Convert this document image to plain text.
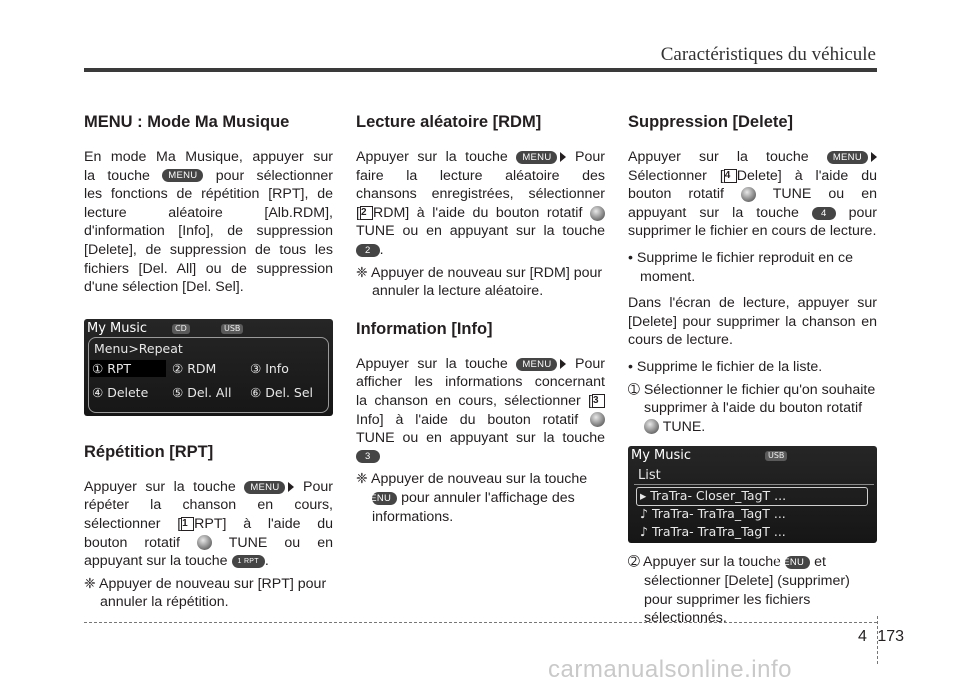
Caractéristiques du véhicule
MENU : Mode Ma Musique

En mode Ma Musique, appuyer sur

la touche MENU pour sélectionner

les fonctions de répétition [RPT], de lecture aléatoire [Alb.RDM], d'information [Info], de suppression [Delete], de suppression de tous les fichiers [Del. All] ou de suppression d'une sélection [Del. Sel].

My Music	CD	USB
Menu>Repeat
① RPT	② RDM	③ Info
④ Delete ⑤ Del. All ⑥ Del. Sel
Répétition [RPT]

Appuyer sur la touche MENU Pour

répéter la chanson en cours,

sélectionner [1 RPT] à l'aide du

bouton rotatif	TUNE ou en

appuyant sur la touche 1 RPT .

❈ Appuyer de nouveau sur [RPT] pour annuler la répétition.

Lecture aléatoire [RDM]

Appuyer sur la touche MENU Pour

faire la lecture aléatoire des

chansons enregistrées, sélectionner

[2 RDM] à l'aide du bouton rotatif

TUNE ou en appuyant sur la touche

2 .

❈ Appuyer de nouveau sur [RDM] pour annuler la lecture aléatoire.

Information [Info]

Appuyer sur la touche MENU Pour

afficher les informations concernant

la chanson en cours, sélectionner [3

Info] à l'aide du bouton rotatif

TUNE ou en appuyant sur la touche

3

❈ Appuyer de nouveau sur la touche MENU pour annuler l'affichage des informations.

Suppression [Delete]

Appuyer sur la touche	MENU

Sélectionner [4 Delete] à l'aide du

bouton rotatif	TUNE ou en

appuyant sur la touche 4 pour

supprimer le fichier en cours de lecture.

• Supprime le fichier reproduit en ce moment.

Dans l'écran de lecture, appuyer sur [Delete] pour supprimer la chanson en cours de lecture.

• Supprime le fichier de la liste.

➀ Sélectionner le fichier qu'on souhaite supprimer à l'aide du bouton rotatif  TUNE.

My Music	USB
List
▸ TraTra- Closer_TagT ...
♪ TraTra- TraTra_TagT ...
♪ TraTra- TraTra_TagT ...

➁ Appuyer sur la touche MENU et sélectionner [Delete] (supprimer) pour supprimer les fichiers sélectionnés.

4 173
carmanualsonline.info
